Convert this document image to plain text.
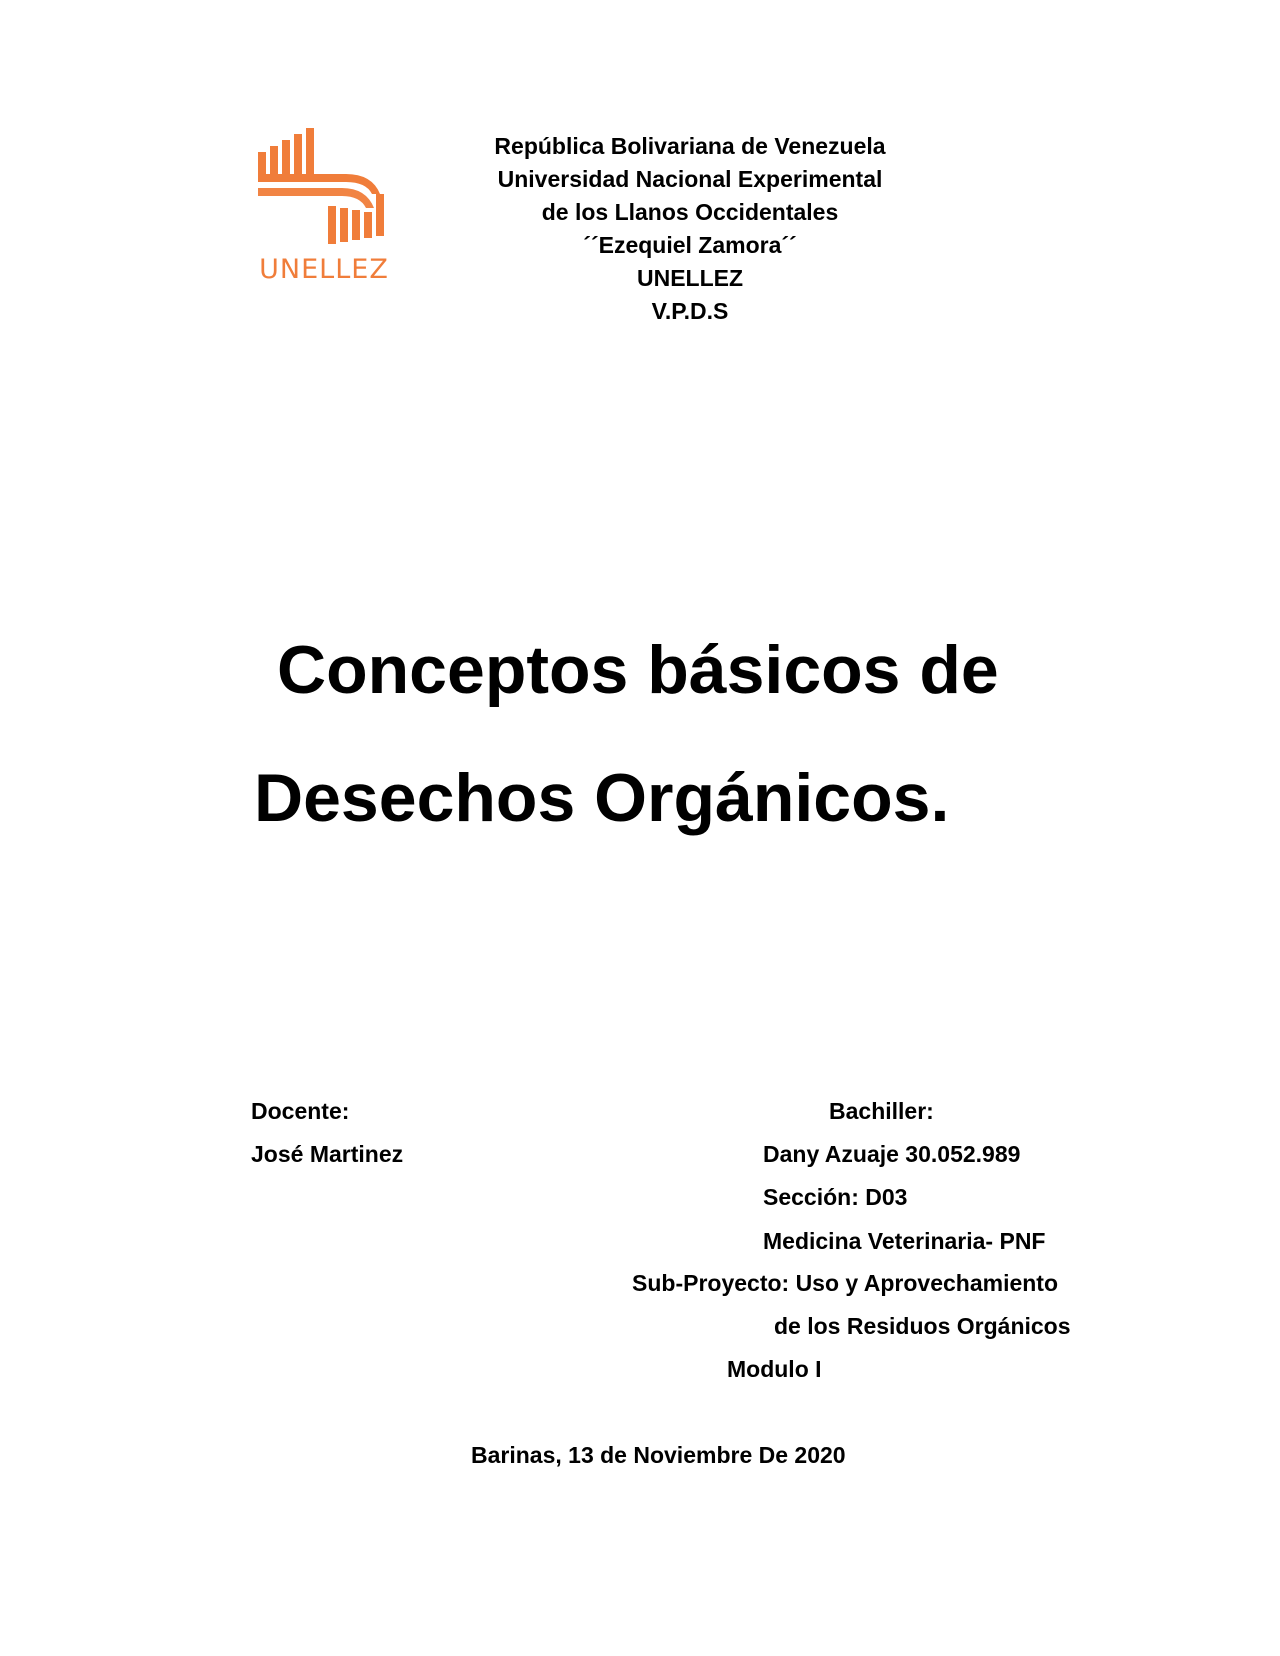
UNELLEZ
República Bolivariana de Venezuela
Universidad Nacional Experimental
de los Llanos Occidentales
´´Ezequiel Zamora´´
UNELLEZ
V.P.D.S
Conceptos básicos de
Desechos Orgánicos.
Docente:
José Martinez
Bachiller:
Dany Azuaje 30.052.989
Sección: D03
Medicina Veterinaria- PNF
Sub-Proyecto: Uso y Aprovechamiento
de los Residuos Orgánicos
Modulo I
Barinas, 13 de Noviembre De 2020
